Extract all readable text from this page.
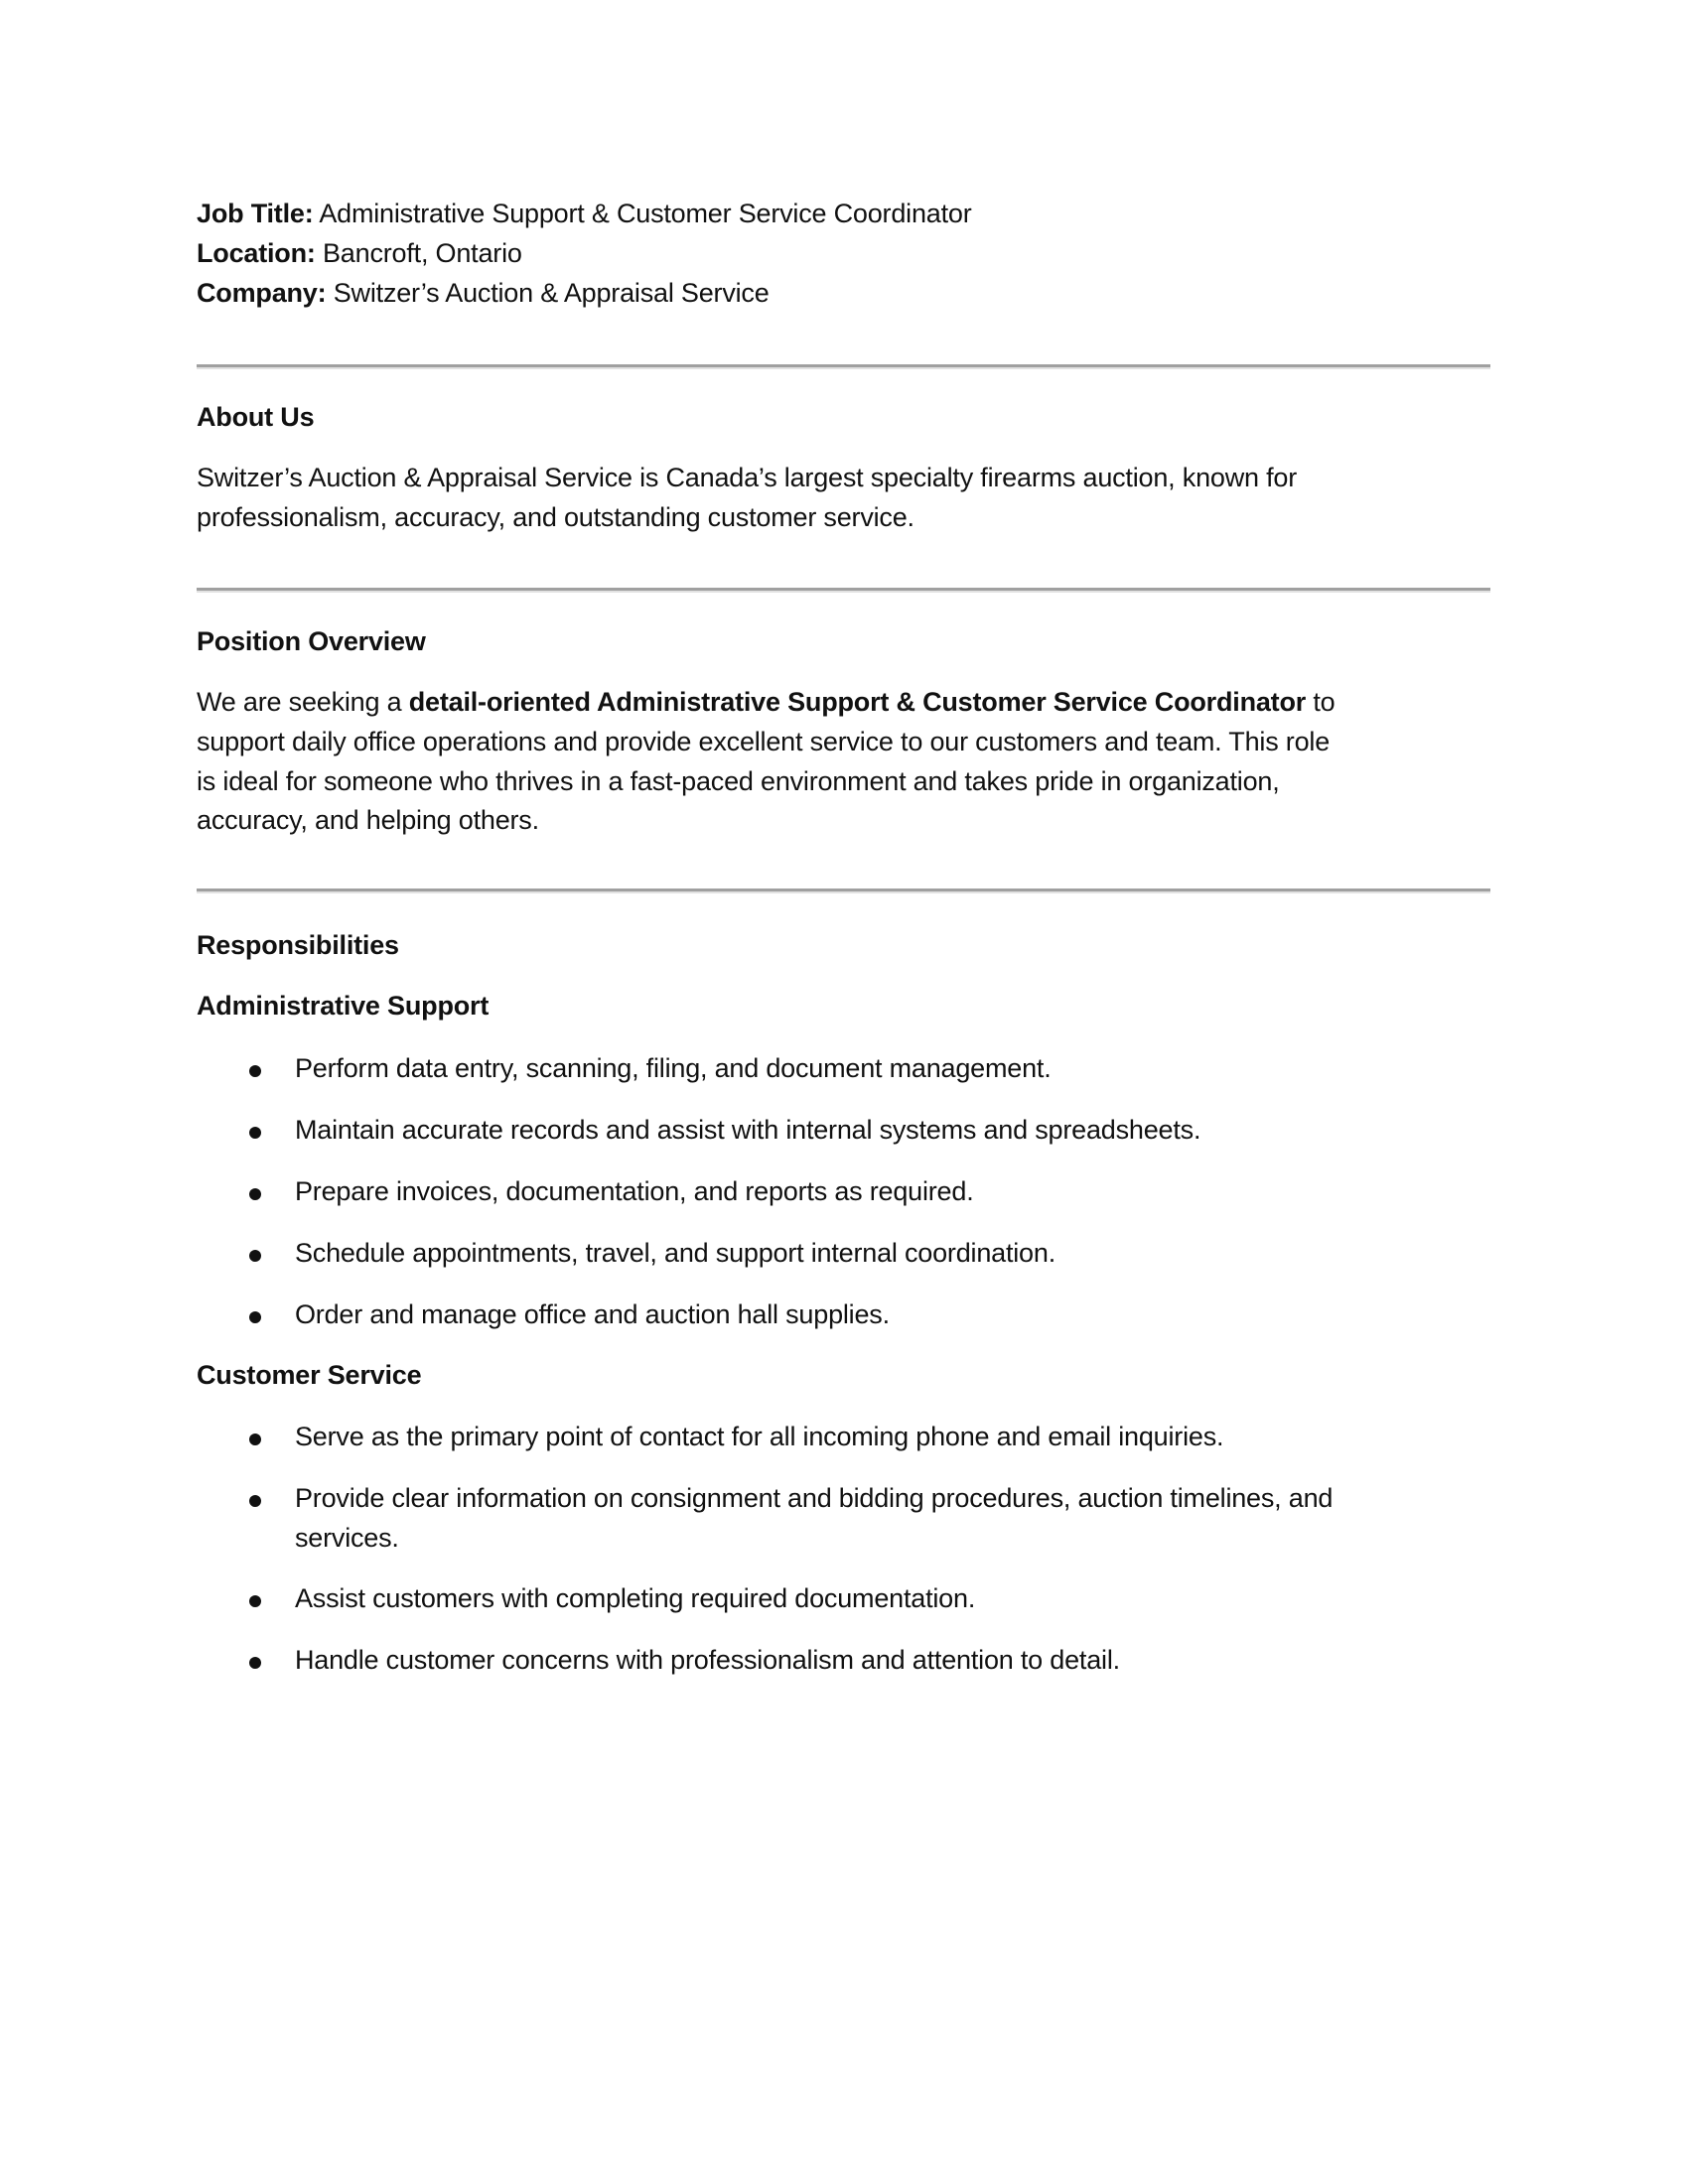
Job Title: Administrative Support & Customer Service Coordinator
Location: Bancroft, Ontario
Company: Switzer’s Auction & Appraisal Service
About Us
Switzer’s Auction & Appraisal Service is Canada’s largest specialty firearms auction, known for
professionalism, accuracy, and outstanding customer service.
Position Overview
We are seeking a detail-oriented Administrative Support & Customer Service Coordinator to
support daily office operations and provide excellent service to our customers and team. This role
is ideal for someone who thrives in a fast-paced environment and takes pride in organization,
accuracy, and helping others.
Responsibilities
Administrative Support
Perform data entry, scanning, filing, and document management.
Maintain accurate records and assist with internal systems and spreadsheets.
Prepare invoices, documentation, and reports as required.
Schedule appointments, travel, and support internal coordination.
Order and manage office and auction hall supplies.
Customer Service
Serve as the primary point of contact for all incoming phone and email inquiries.
Provide clear information on consignment and bidding procedures, auction timelines, and
services.
Assist customers with completing required documentation.
Handle customer concerns with professionalism and attention to detail.
